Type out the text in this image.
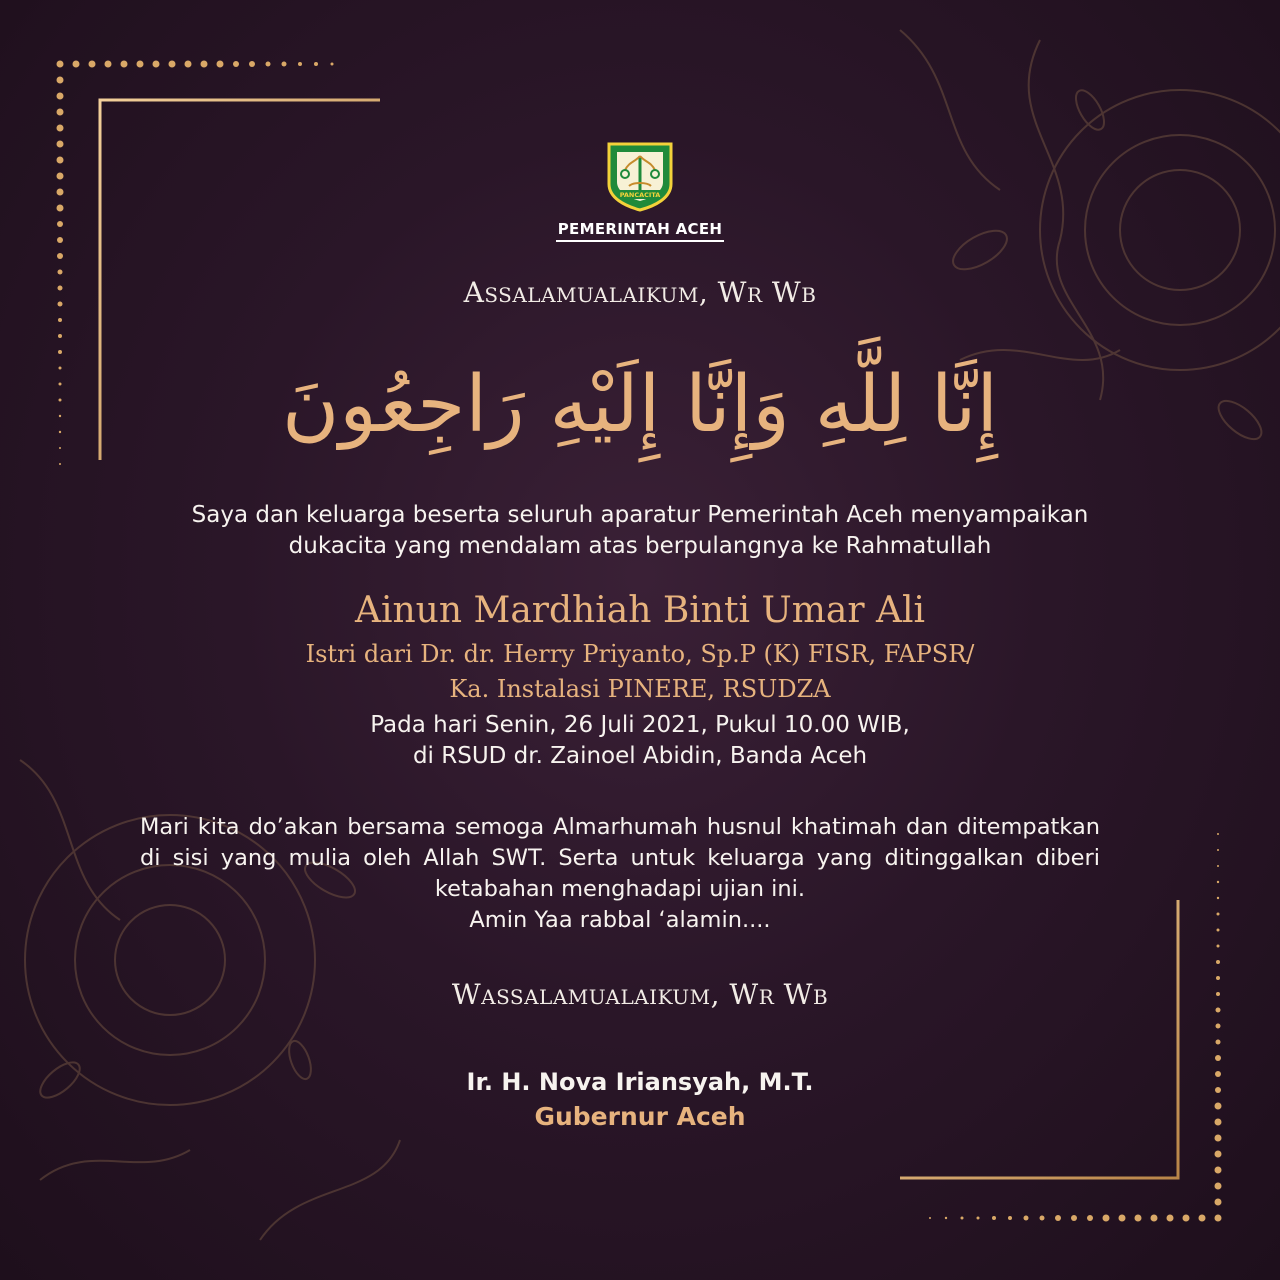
PANCACITA
PEMERINTAH ACEH
Assalamualaikum, Wr Wb
إِنَّا لِلَّهِ وَإِنَّا إِلَيْهِ رَاجِعُونَ
Saya dan keluarga beserta seluruh aparatur Pemerintah Aceh menyampaikan
dukacita yang mendalam atas berpulangnya ke Rahmatullah
Ainun Mardhiah Binti Umar Ali
Istri dari Dr. dr. Herry Priyanto, Sp.P (K) FISR, FAPSR/
Ka. Instalasi PINERE, RSUDZA
Pada hari Senin, 26 Juli 2021, Pukul 10.00 WIB,
di RSUD dr. Zainoel Abidin, Banda Aceh
Mari kita do’akan bersama semoga Almarhumah husnul khatimah dan ditempatkan di sisi yang mulia oleh Allah SWT. Serta untuk keluarga yang ditinggalkan diberi ketabahan menghadapi ujian ini.
Amin Yaa rabbal ‘alamin....
Wassalamualaikum, Wr Wb
Ir. H. Nova Iriansyah, M.T.
Gubernur Aceh
